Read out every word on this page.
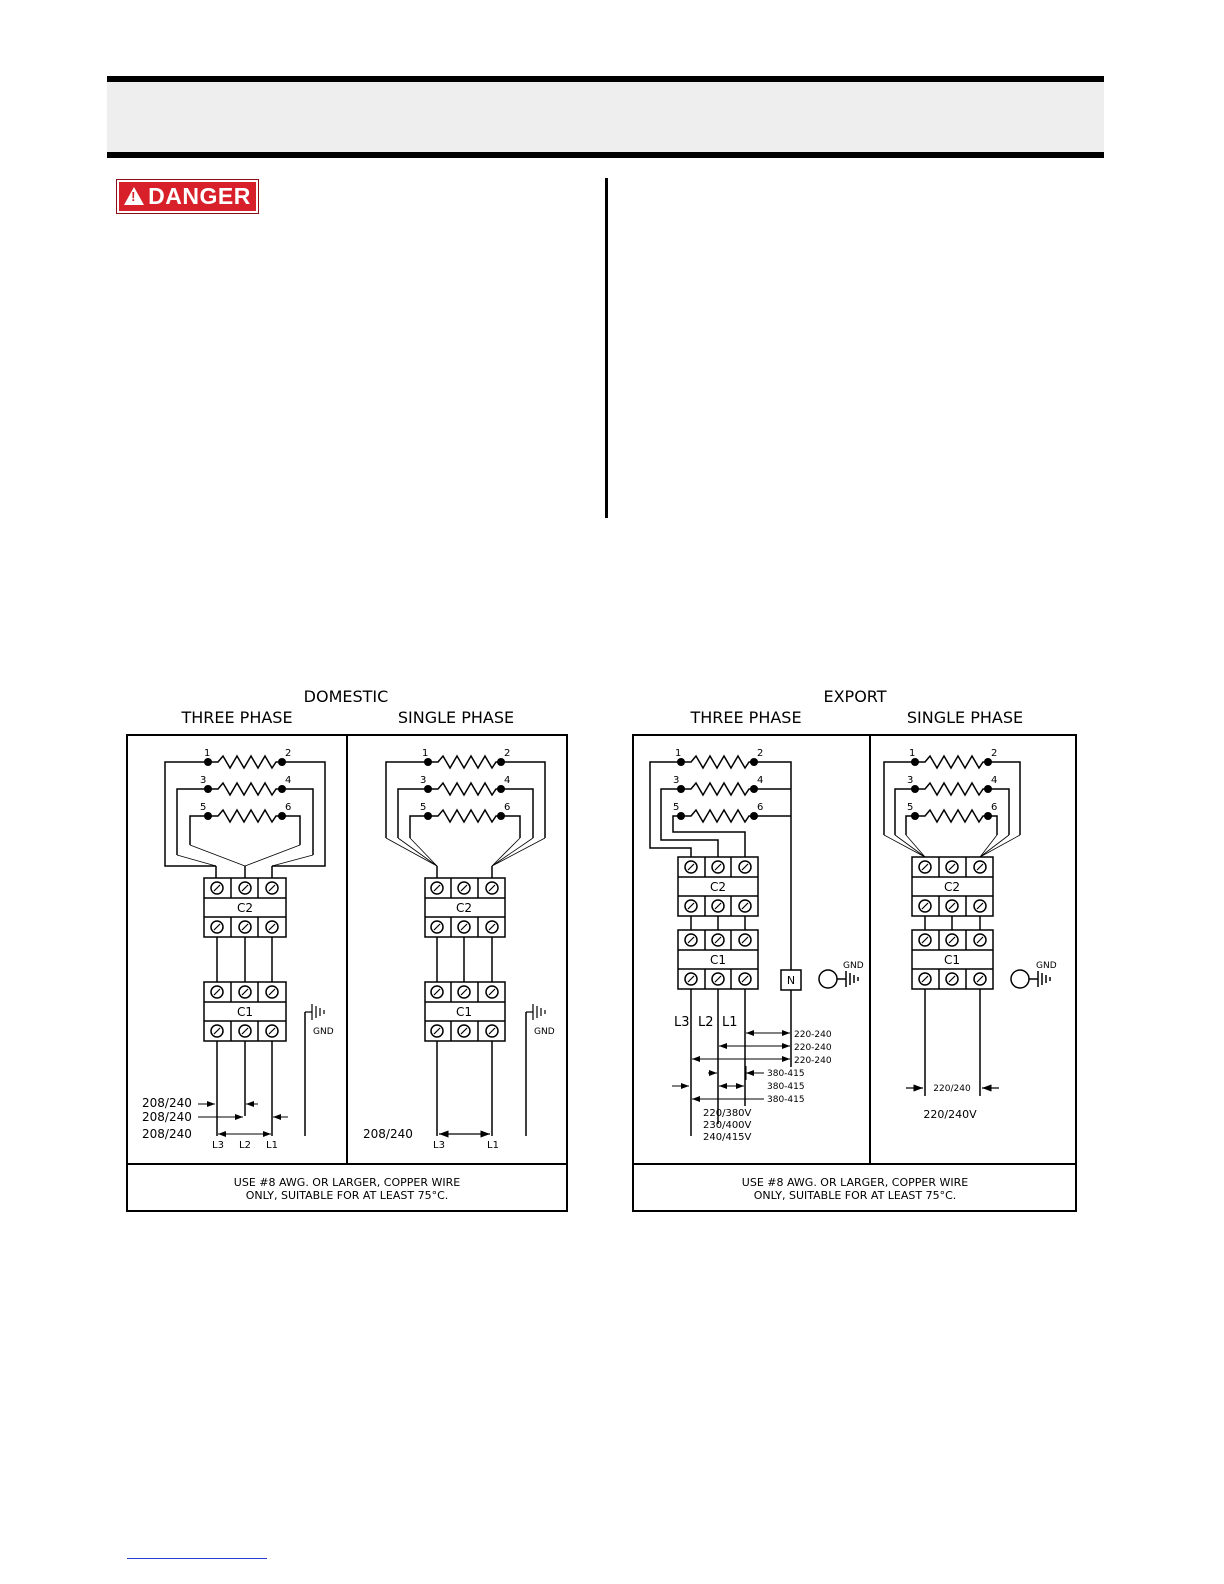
!
DANGER
DOMESTIC
THREE PHASE	SINGLE PHASE
1	2
3	4
5	6
C2
C1
GND
208/240
208/240
208/240
L3 L2 L1
1	2
3	4
5	6
C2
C1
GND
208/240
L3	L1
USE #8 AWG. OR LARGER, COPPER WIRE
ONLY, SUITABLE FOR AT LEAST 75°C.
EXPORT
THREE PHASE	SINGLE PHASE
1	2
3	4
5	6
C2
C1
N
GND
L3 L2 L1
220-240
220-240
220-240
380-415
380-415
380-415
220/380V
230/400V
240/415V
1	2
3	4
5	6
C2
C1	GND
220/240
220/240V
USE #8 AWG. OR LARGER, COPPER WIRE
ONLY, SUITABLE FOR AT LEAST 75°C.
